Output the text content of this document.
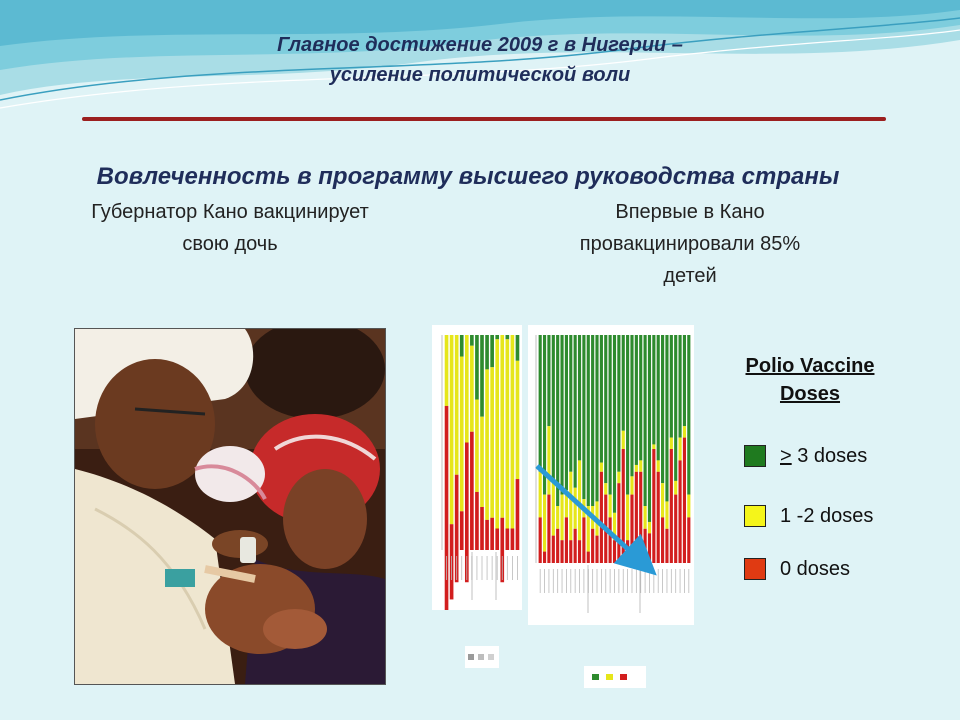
Главное достижение 2009 г в Нигерии –
усиление политической воли
Вовлеченность в программу высшего руководства страны
Губернатор Кано вакцинирует
свою дочь
Впервые в Кано
провакцинировали 85%
детей
Polio Vaccine
Doses
> 3 doses
1 -2 doses
0 doses
